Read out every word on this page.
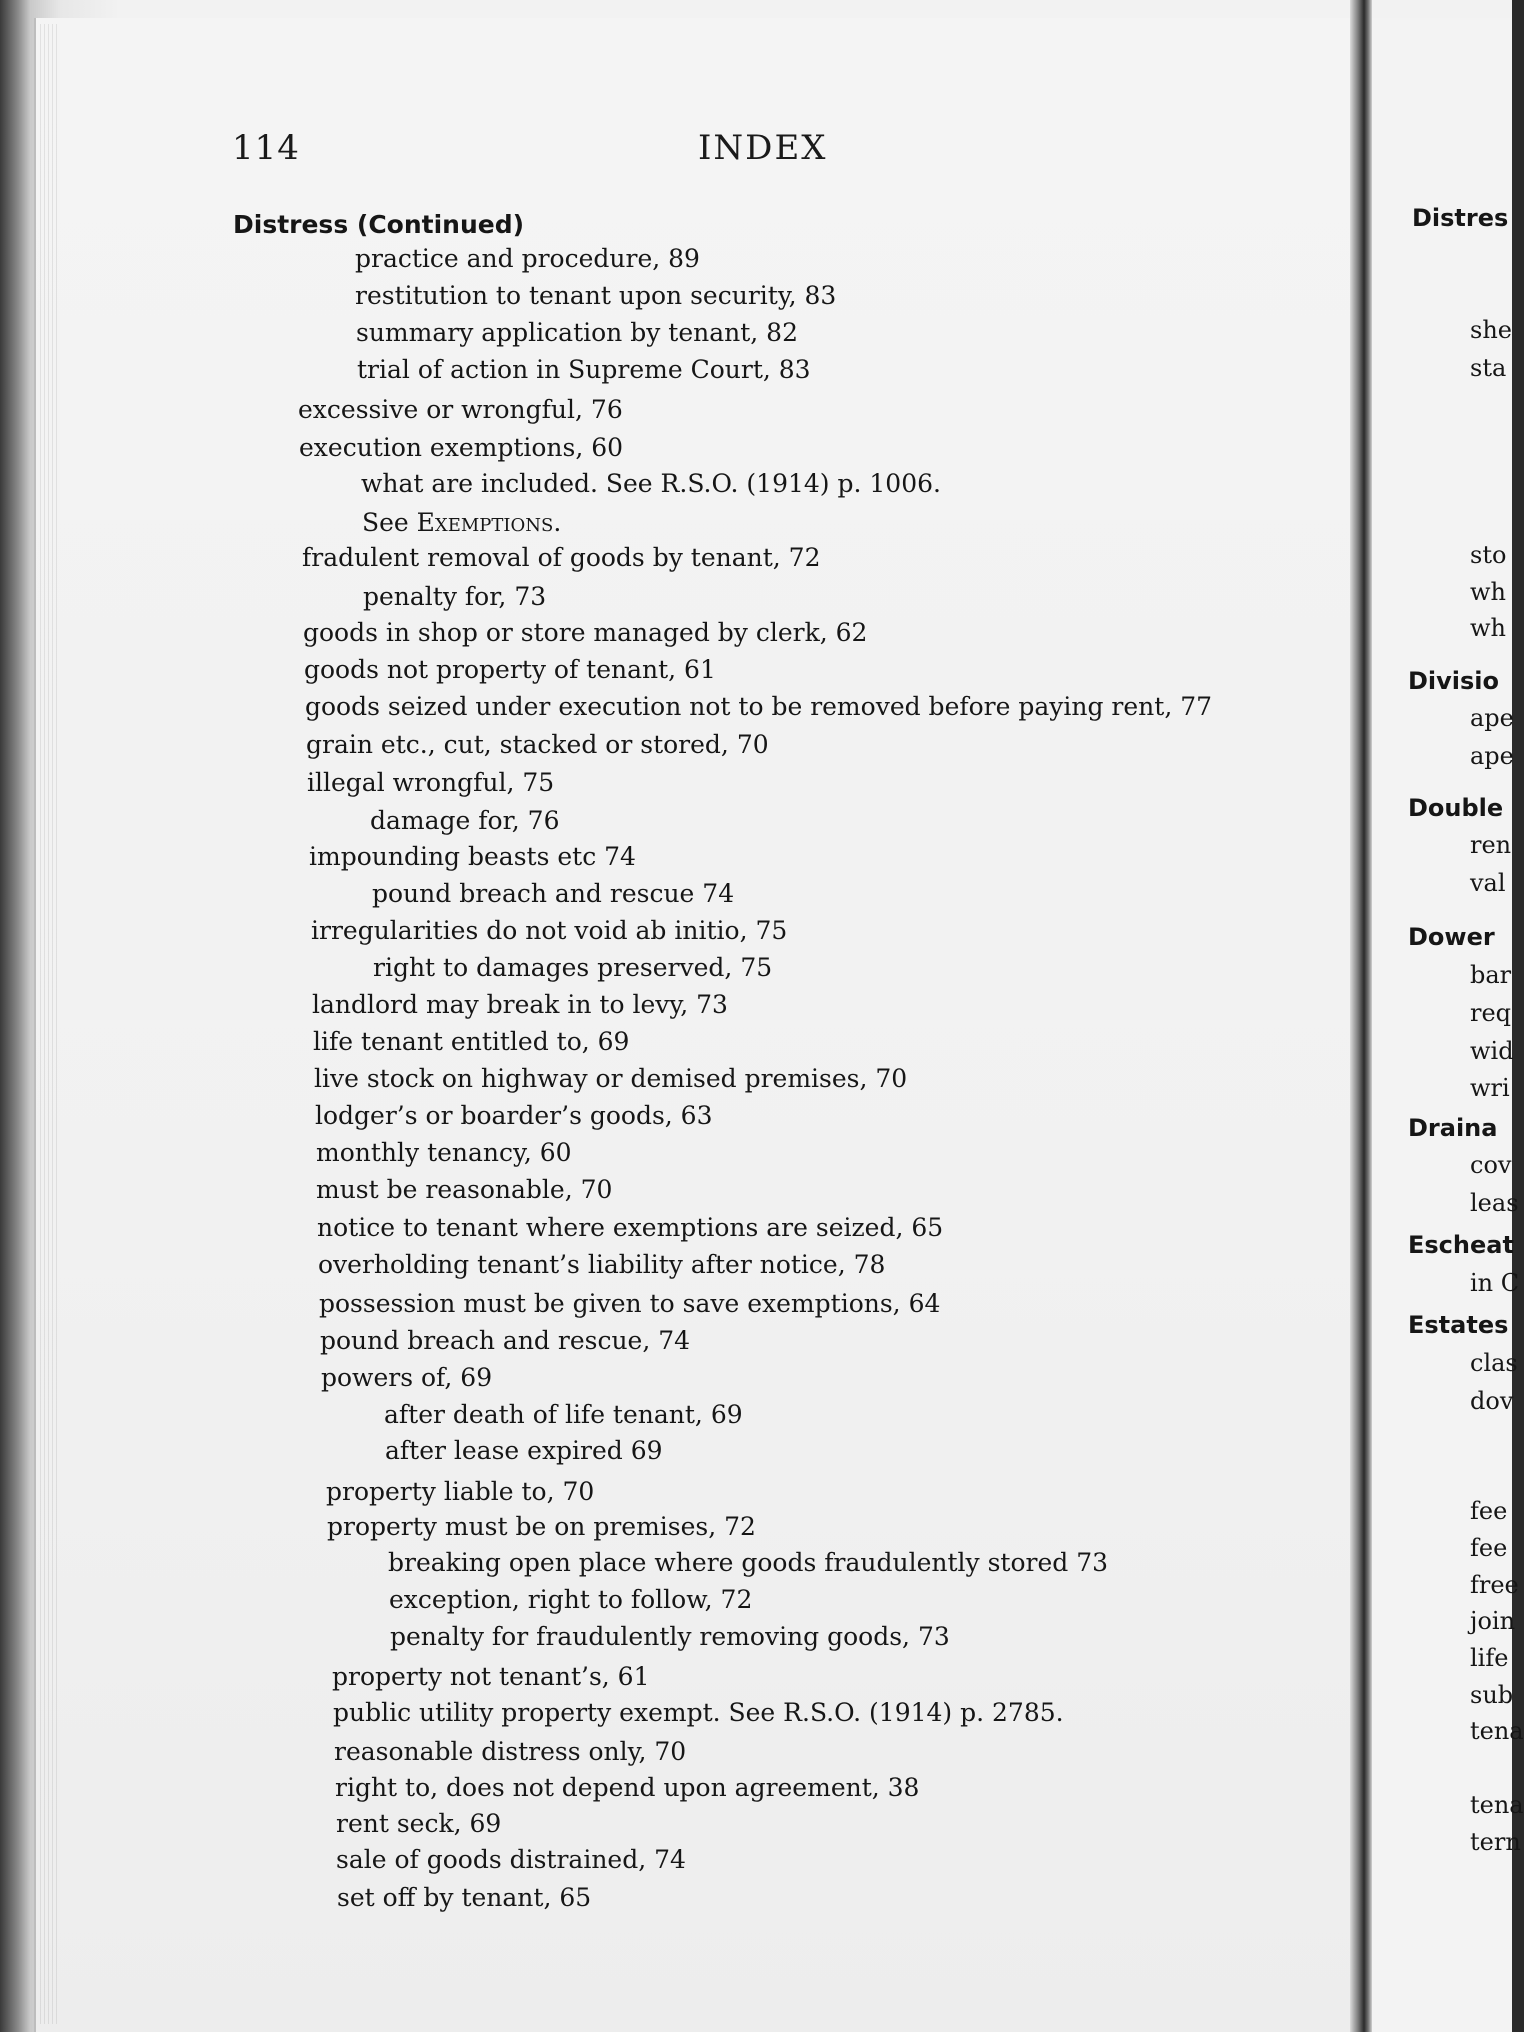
114	INDEX
Distress (Continued)
practice and procedure, 89
restitution to tenant upon security, 83
summary application by tenant, 82
trial of action in Supreme Court, 83
excessive or wrongful, 76
execution exemptions, 60
what are included. See R.S.O. (1914) p. 1006.
See Exemptions.
fradulent removal of goods by tenant, 72
penalty for, 73
goods in shop or store managed by clerk, 62
goods not property of tenant, 61
goods seized under execution not to be removed before paying rent, 77
grain etc., cut, stacked or stored, 70
illegal wrongful, 75
damage for, 76
impounding beasts etc 74
pound breach and rescue 74
irregularities do not void ab initio, 75
right to damages preserved, 75
landlord may break in to levy, 73
life tenant entitled to, 69
live stock on highway or demised premises, 70
lodger’s or boarder’s goods, 63
monthly tenancy, 60
must be reasonable, 70
notice to tenant where exemptions are seized, 65
overholding tenant’s liability after notice, 78
possession must be given to save exemptions, 64
pound breach and rescue, 74
powers of, 69
after death of life tenant, 69
after lease expired 69
property liable to, 70
property must be on premises, 72
breaking open place where goods fraudulently stored 73
exception, right to follow, 72
penalty for fraudulently removing goods, 73
property not tenant’s, 61
public utility property exempt. See R.S.O. (1914) p. 2785.
reasonable distress only, 70
right to, does not depend upon agreement, 38
rent seck, 69
sale of goods distrained, 74
set off by tenant, 65
Distres
she
sta
sto
wh
wh
Divisio
ape
ape
Double
ren
val
Dower
bar
req
wid
wri
Draina
cov
leas
Escheat
in C
Estates
clas
dov
fee
fee
free
join
life
sub
tena
tena
tern
